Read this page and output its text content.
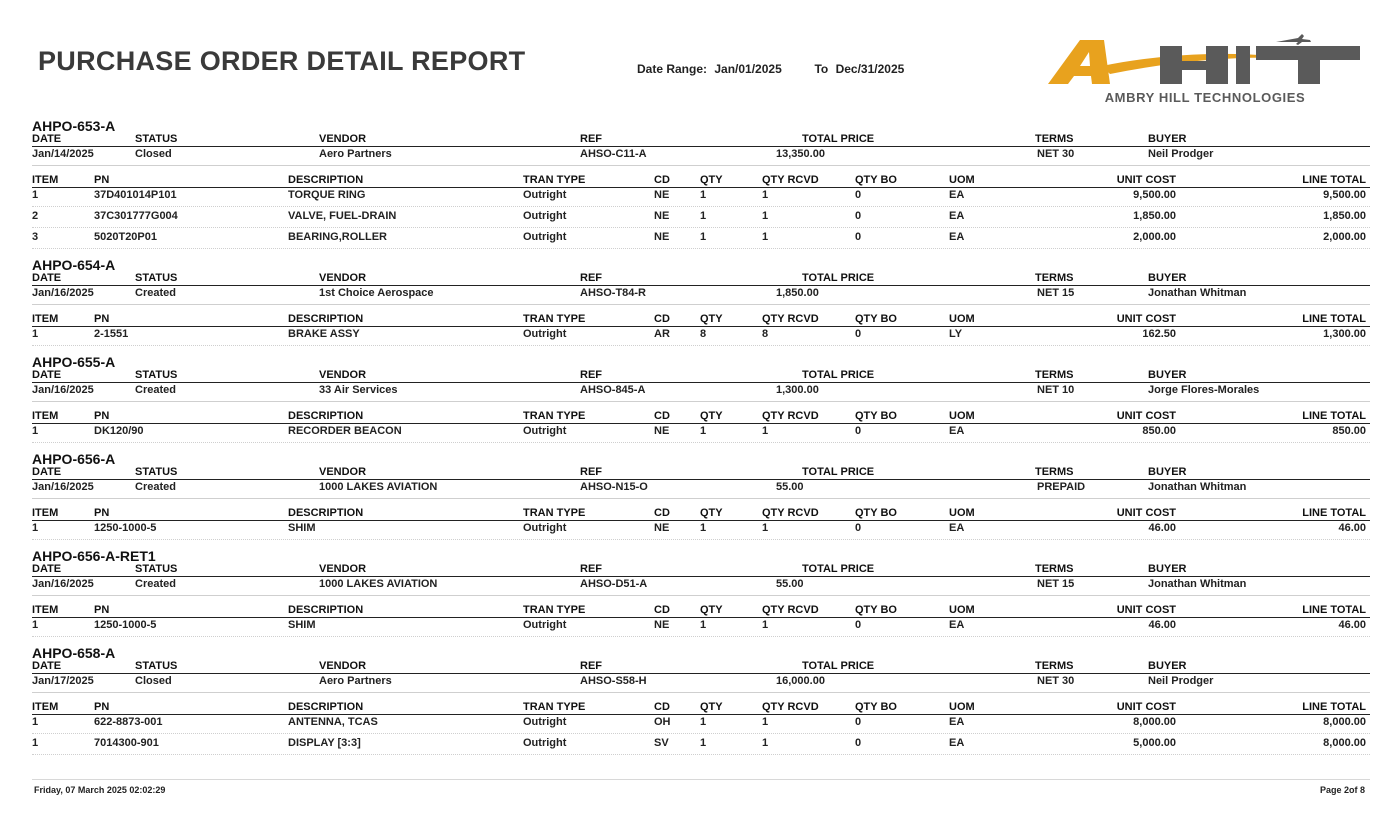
PURCHASE ORDER DETAIL REPORT	Date Range: Jan/01/2025	To Dec/31/2025
AMBRY HILL TECHNOLOGIES
AHPO-653-A
DATE	STATUS	VENDOR	REF	TOTAL PRICE	TERMS	BUYER
Jan/14/2025	Closed	Aero Partners	AHSO-C11-A	13,350.00	NET 30	Neil Prodger
ITEM	PN	DESCRIPTION	TRAN TYPE	CD	QTY	QTY RCVD	QTY BO	UOM	UNIT COST	LINE TOTAL
1	37D401014P101	TORQUE RING	Outright	NE	1	1	0	EA	9,500.00	9,500.00
2	37C301777G004	VALVE, FUEL-DRAIN	Outright	NE	1	1	0	EA	1,850.00	1,850.00
3	5020T20P01	BEARING,ROLLER	Outright	NE	1	1	0	EA	2,000.00	2,000.00
AHPO-654-A
DATE	STATUS	VENDOR	REF	TOTAL PRICE	TERMS	BUYER
Jan/16/2025	Created	1st Choice Aerospace	AHSO-T84-R	1,850.00	NET 15	Jonathan Whitman
ITEM	PN	DESCRIPTION	TRAN TYPE	CD	QTY	QTY RCVD	QTY BO	UOM	UNIT COST	LINE TOTAL
1	2-1551	BRAKE ASSY	Outright	AR	8	8	0	LY	162.50	1,300.00
AHPO-655-A
DATE	STATUS	VENDOR	REF	TOTAL PRICE	TERMS	BUYER
Jan/16/2025	Created	33 Air Services	AHSO-845-A	1,300.00	NET 10	Jorge Flores-Morales
ITEM	PN	DESCRIPTION	TRAN TYPE	CD	QTY	QTY RCVD	QTY BO	UOM	UNIT COST	LINE TOTAL
1	DK120/90	RECORDER BEACON	Outright	NE	1	1	0	EA	850.00	850.00
AHPO-656-A
DATE	STATUS	VENDOR	REF	TOTAL PRICE	TERMS	BUYER
Jan/16/2025	Created	1000 LAKES AVIATION	AHSO-N15-O	55.00	PREPAID	Jonathan Whitman
ITEM	PN	DESCRIPTION	TRAN TYPE	CD	QTY	QTY RCVD	QTY BO	UOM	UNIT COST	LINE TOTAL
1	1250-1000-5	SHIM	Outright	NE	1	1	0	EA	46.00	46.00
AHPO-656-A-RET1
DATE	STATUS	VENDOR	REF	TOTAL PRICE	TERMS	BUYER
Jan/16/2025	Created	1000 LAKES AVIATION	AHSO-D51-A	55.00	NET 15	Jonathan Whitman
ITEM	PN	DESCRIPTION	TRAN TYPE	CD	QTY	QTY RCVD	QTY BO	UOM	UNIT COST	LINE TOTAL
1	1250-1000-5	SHIM	Outright	NE	1	1	0	EA	46.00	46.00
AHPO-658-A
DATE	STATUS	VENDOR	REF	TOTAL PRICE	TERMS	BUYER
Jan/17/2025	Closed	Aero Partners	AHSO-S58-H	16,000.00	NET 30	Neil Prodger
ITEM	PN	DESCRIPTION	TRAN TYPE	CD	QTY	QTY RCVD	QTY BO	UOM	UNIT COST	LINE TOTAL
1	622-8873-001	ANTENNA, TCAS	Outright	OH	1	1	0	EA	8,000.00	8,000.00
1	7014300-901	DISPLAY [3:3]	Outright	SV	1	1	0	EA	5,000.00	8,000.00
Friday, 07 March 2025 02:02:29	Page 2of 8
